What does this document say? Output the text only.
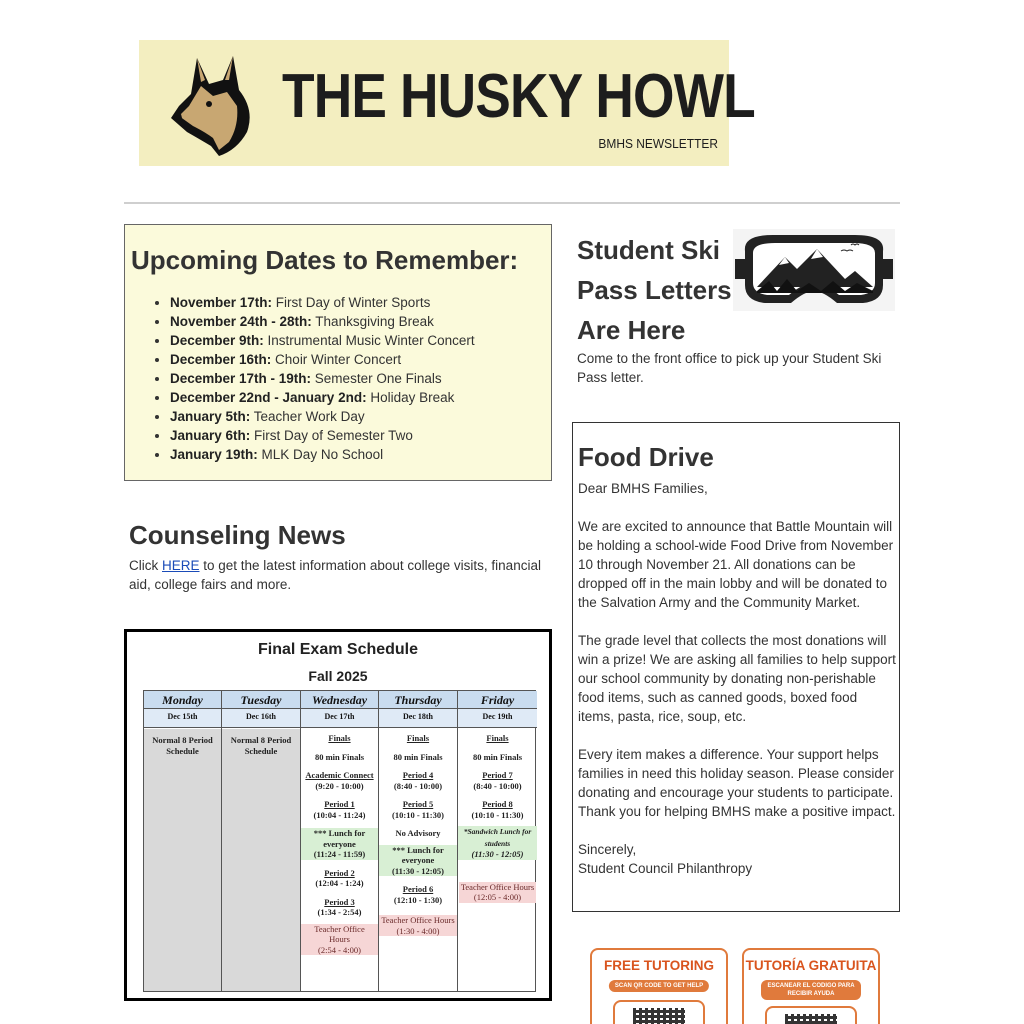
THE HUSKY HOWL
BMHS NEWSLETTER
Upcoming Dates to Remember:
• November 17th: First Day of Winter Sports
• November 24th - 28th: Thanksgiving Break
• December 9th: Instrumental Music Winter Concert
• December 16th: Choir Winter Concert
• December 17th - 19th: Semester One Finals
• December 22nd - January 2nd: Holiday Break
• January 5th: Teacher Work Day
• January 6th: First Day of Semester Two
• January 19th: MLK Day No School
Counseling News
Click HERE to get the latest information about college visits, financial aid, college fairs and more.
Final Exam Schedule
Fall 2025
Monday
Dec 15th
Normal 8 Period Schedule
Tuesday
Dec 16th
Normal 8 Period Schedule
Wednesday
Dec 17th
Finals
80 min Finals
Academic Connect
(9:20 - 10:00)
Period 1
(10:04 - 11:24)
*** Lunch for everyone
(11:24 - 11:59)
Period 2
(12:04 - 1:24)
Period 3
(1:34 - 2:54)
Teacher Office Hours
(2:54 - 4:00)
Thursday
Dec 18th
Finals
80 min Finals
Period 4
(8:40 - 10:00)
Period 5
(10:10 - 11:30)
No Advisory
*** Lunch for everyone
(11:30 - 12:05)
Period 6
(12:10 - 1:30)
Teacher Office Hours
(1:30 - 4:00)
Friday
Dec 19th
Finals
80 min Finals
Period 7
(8:40 - 10:00)
Period 8
(10:10 - 11:30)
*Sandwich Lunch for students
(11:30 - 12:05)
Teacher Office Hours
(12:05 - 4:00)
Student Ski Pass Letters Are Here
Come to the front office to pick up your Student Ski Pass letter.
Food Drive

Dear BMHS Families,

We are excited to announce that Battle Mountain will be holding a school-wide Food Drive from November 10 through November 21. All donations can be dropped off in the main lobby and will be donated to the Salvation Army and the Community Market.

The grade level that collects the most donations will win a prize! We are asking all families to help support our school community by donating non-perishable food items, such as canned goods, boxed food items, pasta, rice, soup, etc.

Every item makes a difference. Your support helps families in need this holiday season. Please consider donating and encourage your students to participate. Thank you for helping BMHS make a positive impact.

Sincerely,
Student Council Philanthropy

FREE TUTORING
SCAN QR CODE TO GET HELP
TUTORÍA GRATUITA
ESCANEAR EL CODIGO PARA RECIBIR AYUDA
